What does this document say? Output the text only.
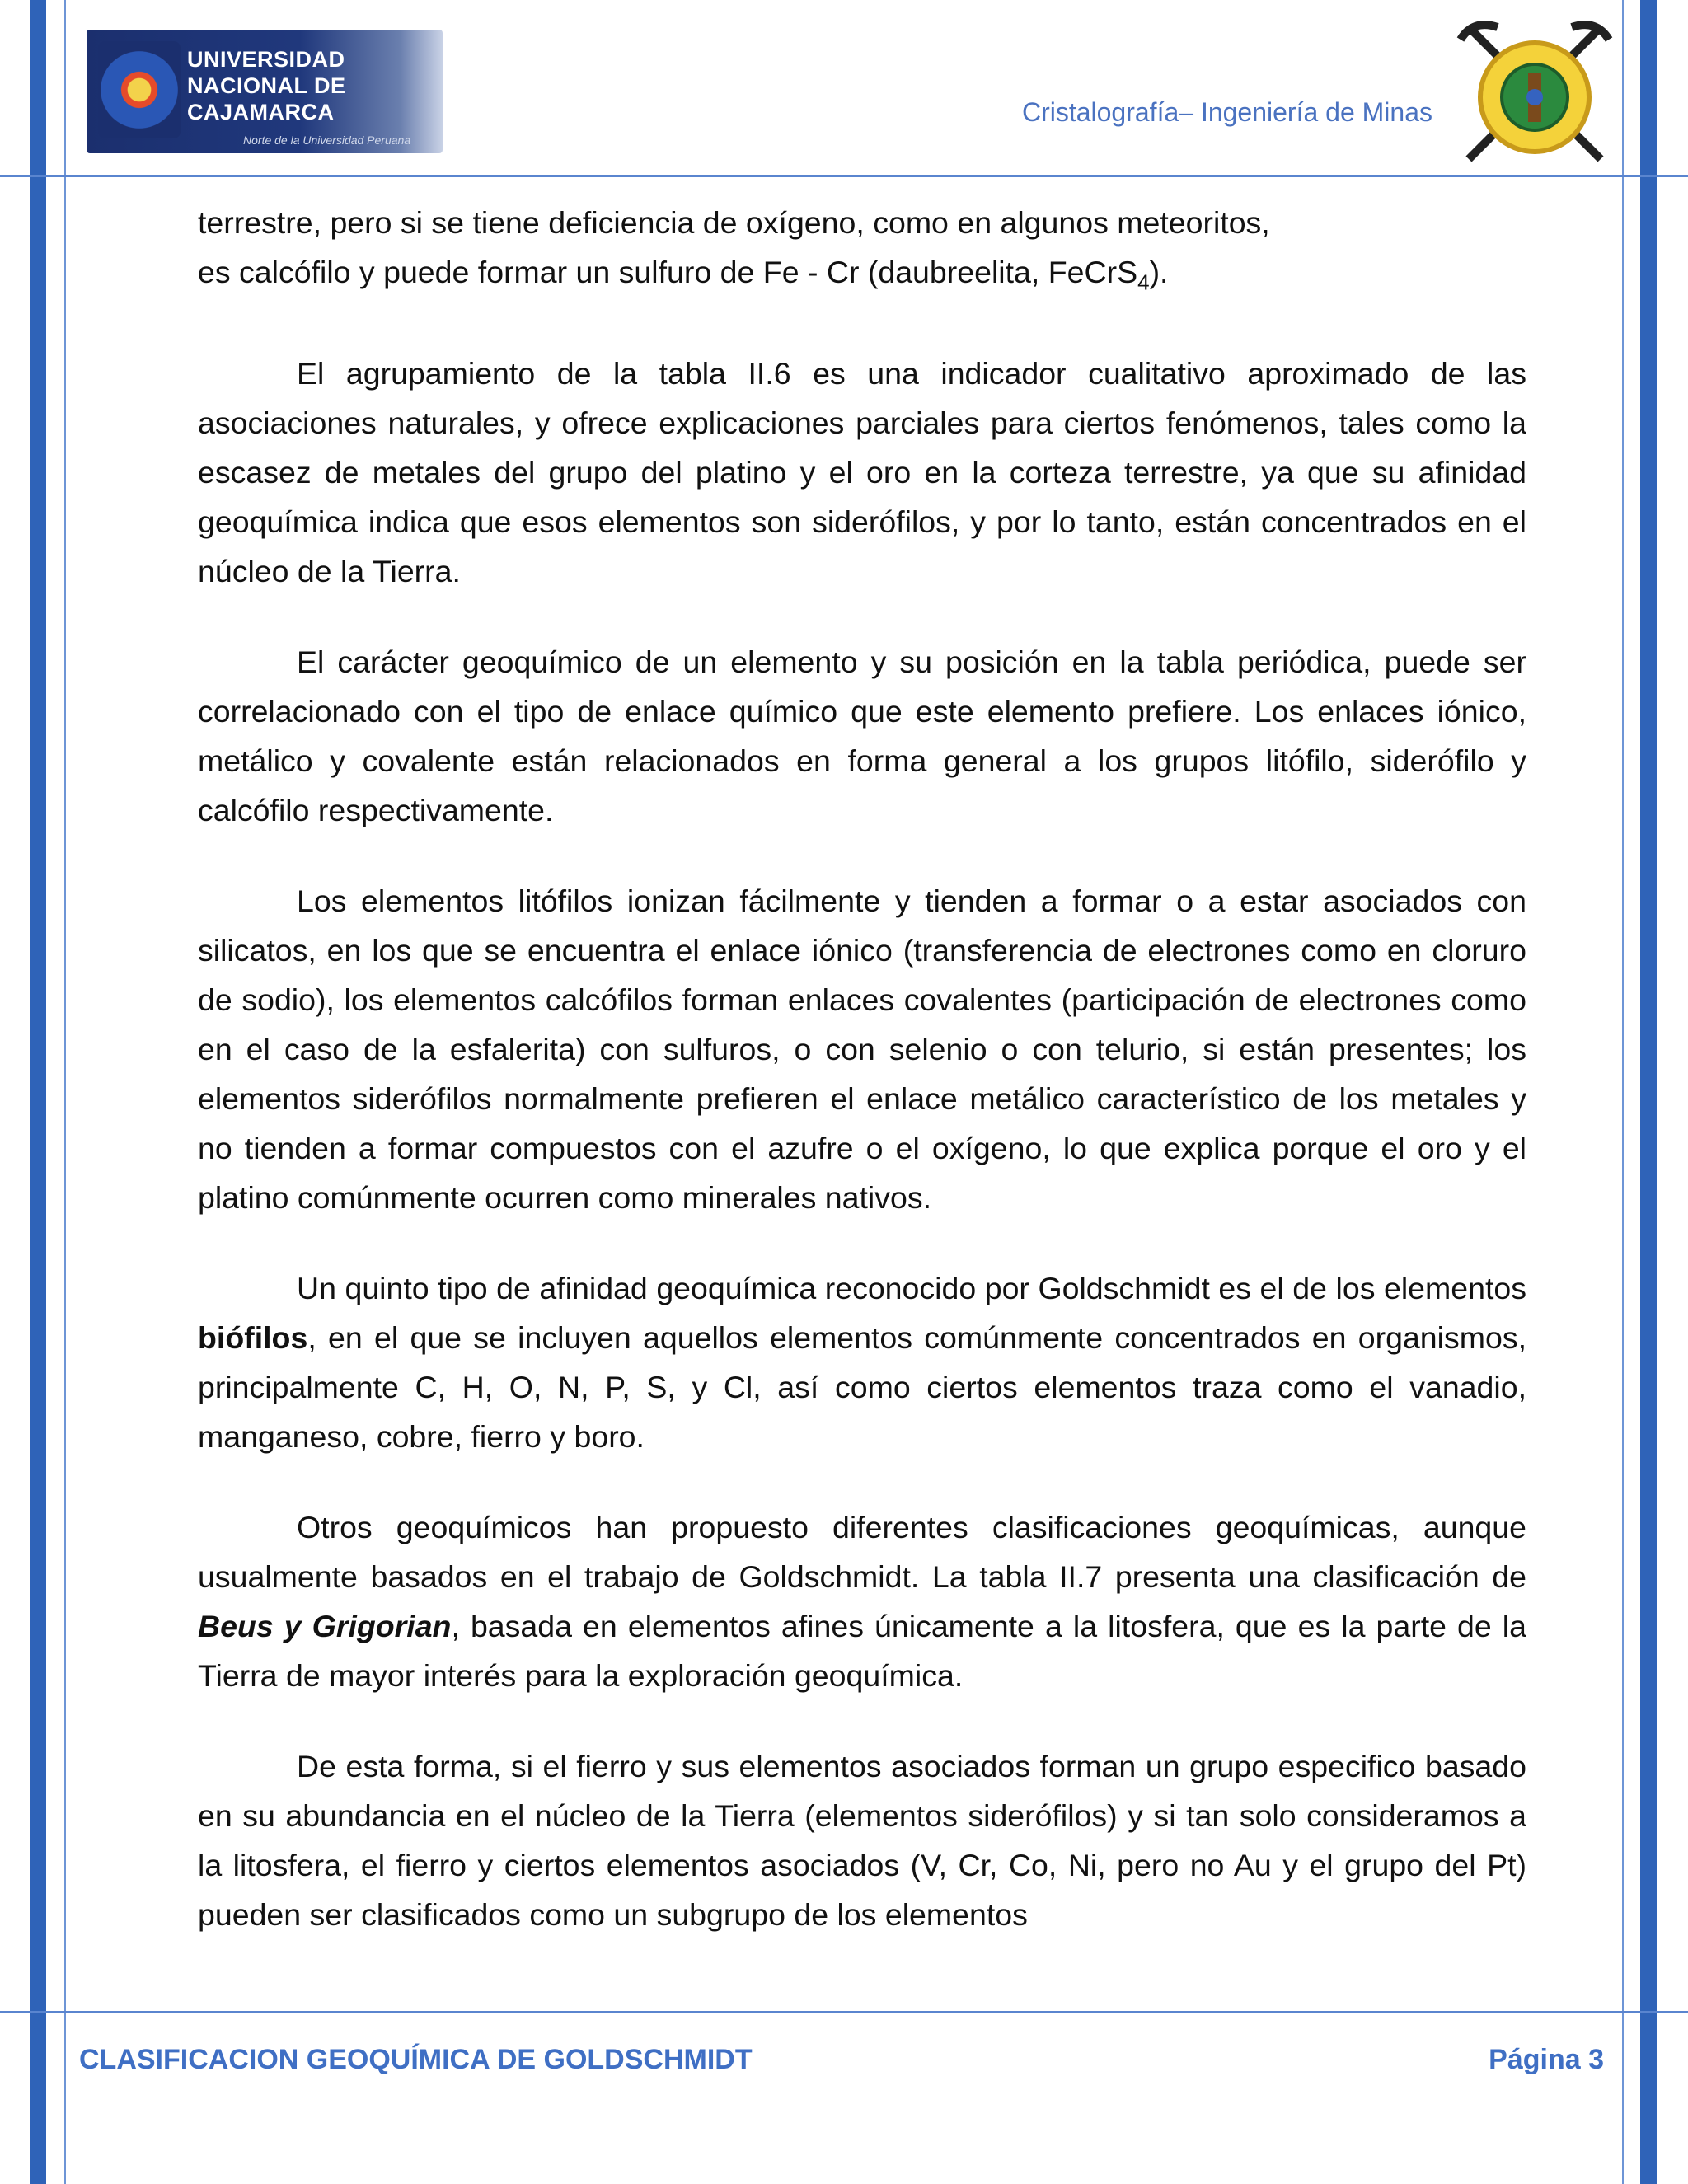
UNIVERSIDAD
NACIONAL DE
CAJAMARCA
Norte de la Universidad Peruana
Cristalografía– Ingeniería de Minas

terrestre, pero si se tiene deficiencia de oxígeno, como en algunos meteoritos,
es calcófilo y puede formar un sulfuro de Fe - Cr (daubreelita, FeCrS$_4$).

El agrupamiento de la tabla II.6 es una indicador cualitativo aproximado de las asociaciones naturales, y ofrece explicaciones parciales para ciertos fenómenos, tales como la escasez de metales del grupo del platino y el oro en la corteza terrestre, ya que su afinidad geoquímica indica que esos elementos son siderófilos, y por lo tanto, están concentrados en el núcleo de la Tierra.

El carácter geoquímico de un elemento y su posición en la tabla periódica, puede ser correlacionado con el tipo de enlace químico que este elemento prefiere. Los enlaces iónico, metálico y covalente están relacionados en forma general a los grupos litófilo, siderófilo y calcófilo respectivamente.

Los elementos litófilos ionizan fácilmente y tienden a formar o a estar asociados con silicatos, en los que se encuentra el enlace iónico (transferencia de electrones como en cloruro de sodio), los elementos calcófilos forman enlaces covalentes (participación de electrones como en el caso de la esfalerita) con sulfuros, o con selenio o con telurio, si están presentes; los elementos siderófilos normalmente prefieren el enlace metálico característico de los metales y no tienden a formar compuestos con el azufre o el oxígeno, lo que explica porque el oro y el platino comúnmente ocurren como minerales nativos.

Un quinto tipo de afinidad geoquímica reconocido por Goldschmidt es el de los elementos biófilos, en el que se incluyen aquellos elementos comúnmente concentrados en organismos, principalmente C, H, O, N, P, S, y Cl, así como ciertos elementos traza como el vanadio, manganeso, cobre, fierro y boro.

Otros geoquímicos han propuesto diferentes clasificaciones geoquímicas, aunque usualmente basados en el trabajo de Goldschmidt. La tabla II.7 presenta una clasificación de Beus y Grigorian, basada en elementos afines únicamente a la litosfera, que es la parte de la Tierra de mayor interés para la exploración geoquímica.

De esta forma, si el fierro y sus elementos asociados forman un grupo especifico basado en su abundancia en el núcleo de la Tierra (elementos siderófilos) y si tan solo consideramos a la litosfera, el fierro y ciertos elementos asociados (V, Cr, Co, Ni, pero no Au y el grupo del Pt) pueden ser clasificados como un subgrupo de los elementos

CLASIFICACION GEOQUÍMICA DE GOLDSCHMIDT	Página 3
